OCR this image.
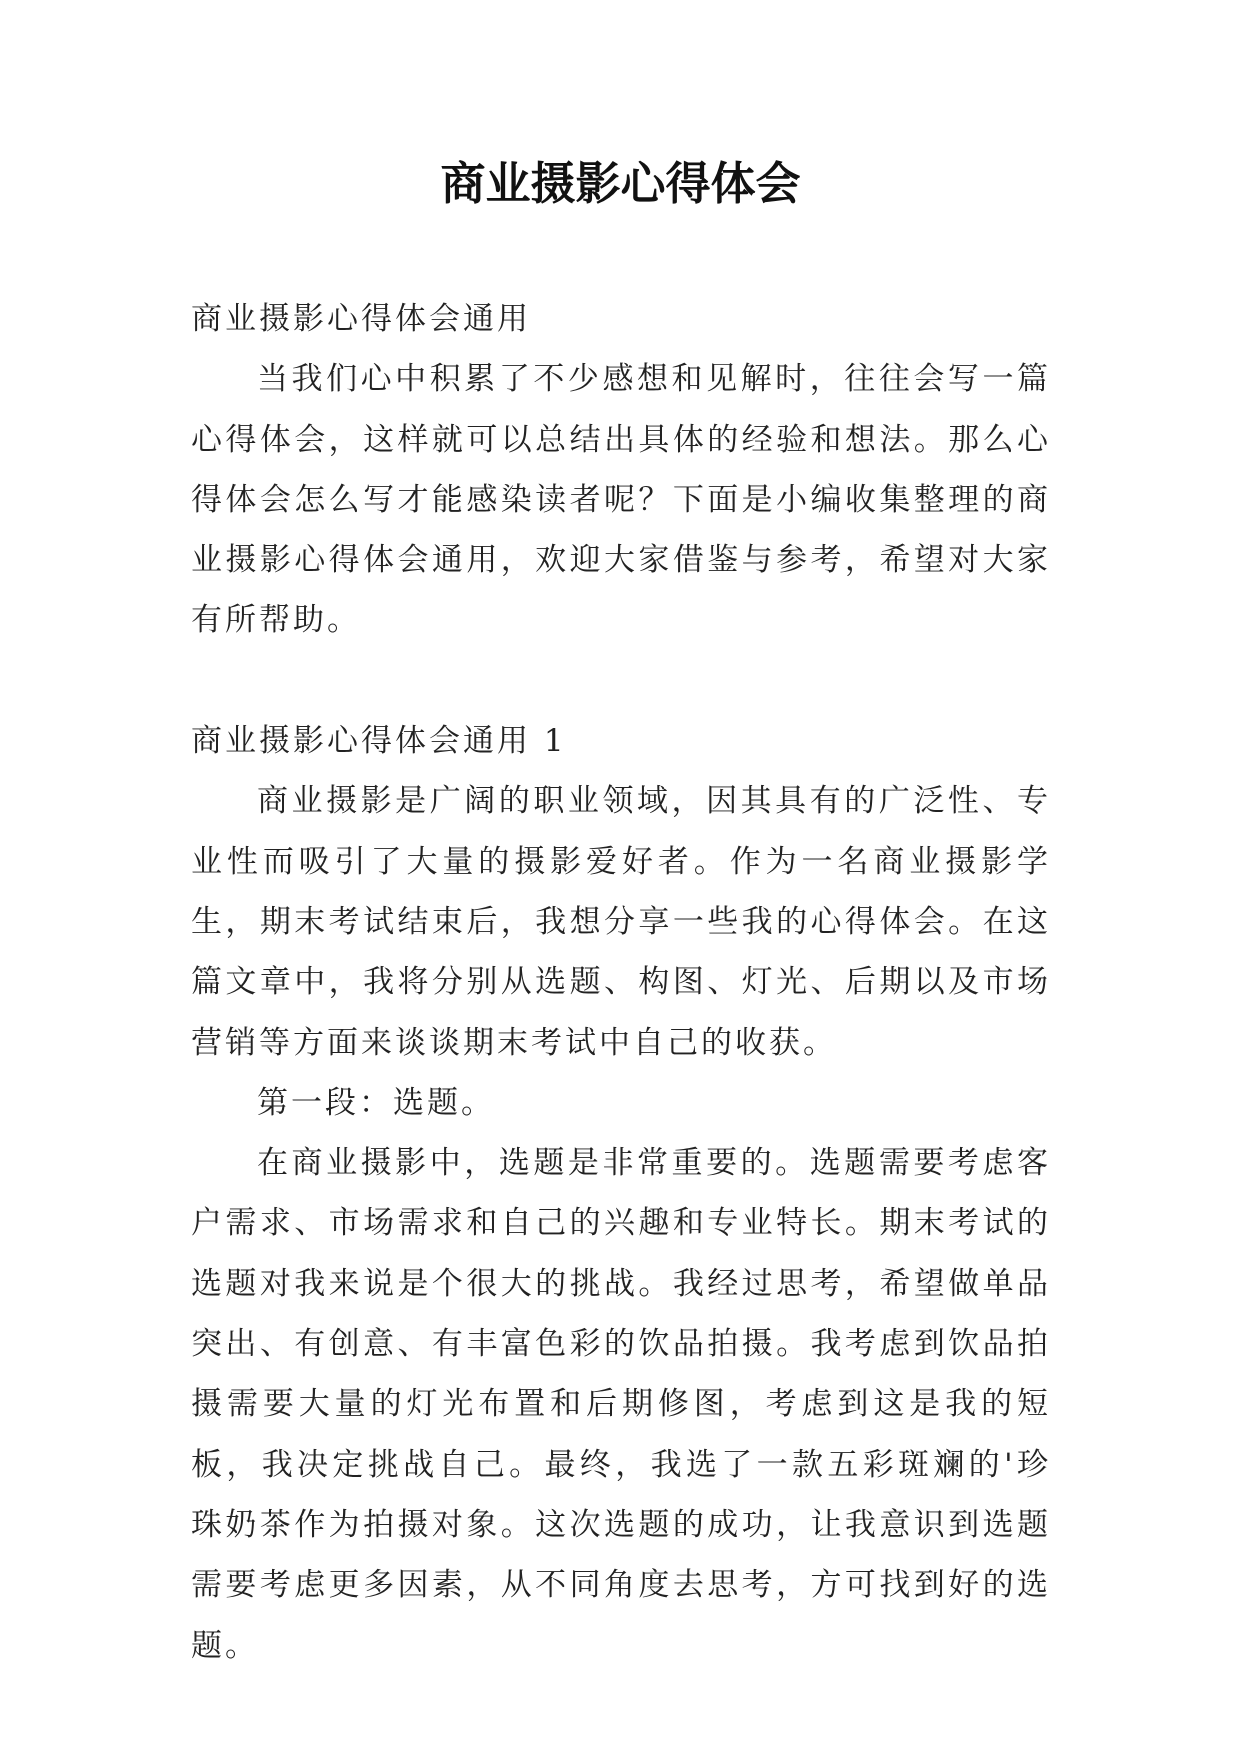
商业摄影心得体会
商业摄影心得体会通用

当我们心中积累了不少感想和见解时，往往会写一篇心得体会，这样就可以总结出具体的经验和想法。那么心得体会怎么写才能感染读者呢？下面是小编收集整理的商业摄影心得体会通用，欢迎大家借鉴与参考，希望对大家有所帮助。

商业摄影心得体会通用 1

商业摄影是广阔的职业领域，因其具有的广泛性、专业性而吸引了大量的摄影爱好者。作为一名商业摄影学生，期末考试结束后，我想分享一些我的心得体会。在这篇文章中，我将分别从选题、构图、灯光、后期以及市场营销等方面来谈谈期末考试中自己的收获。

第一段：选题。

在商业摄影中，选题是非常重要的。选题需要考虑客户需求、市场需求和自己的兴趣和专业特长。期末考试的选题对我来说是个很大的挑战。我经过思考，希望做单品突出、有创意、有丰富色彩的饮品拍摄。我考虑到饮品拍摄需要大量的灯光布置和后期修图，考虑到这是我的短板，我决定挑战自己。最终，我选了一款五彩斑斓的'珍珠奶茶作为拍摄对象。这次选题的成功，让我意识到选题需要考虑更多因素，从不同角度去思考，方可找到好的选题。
